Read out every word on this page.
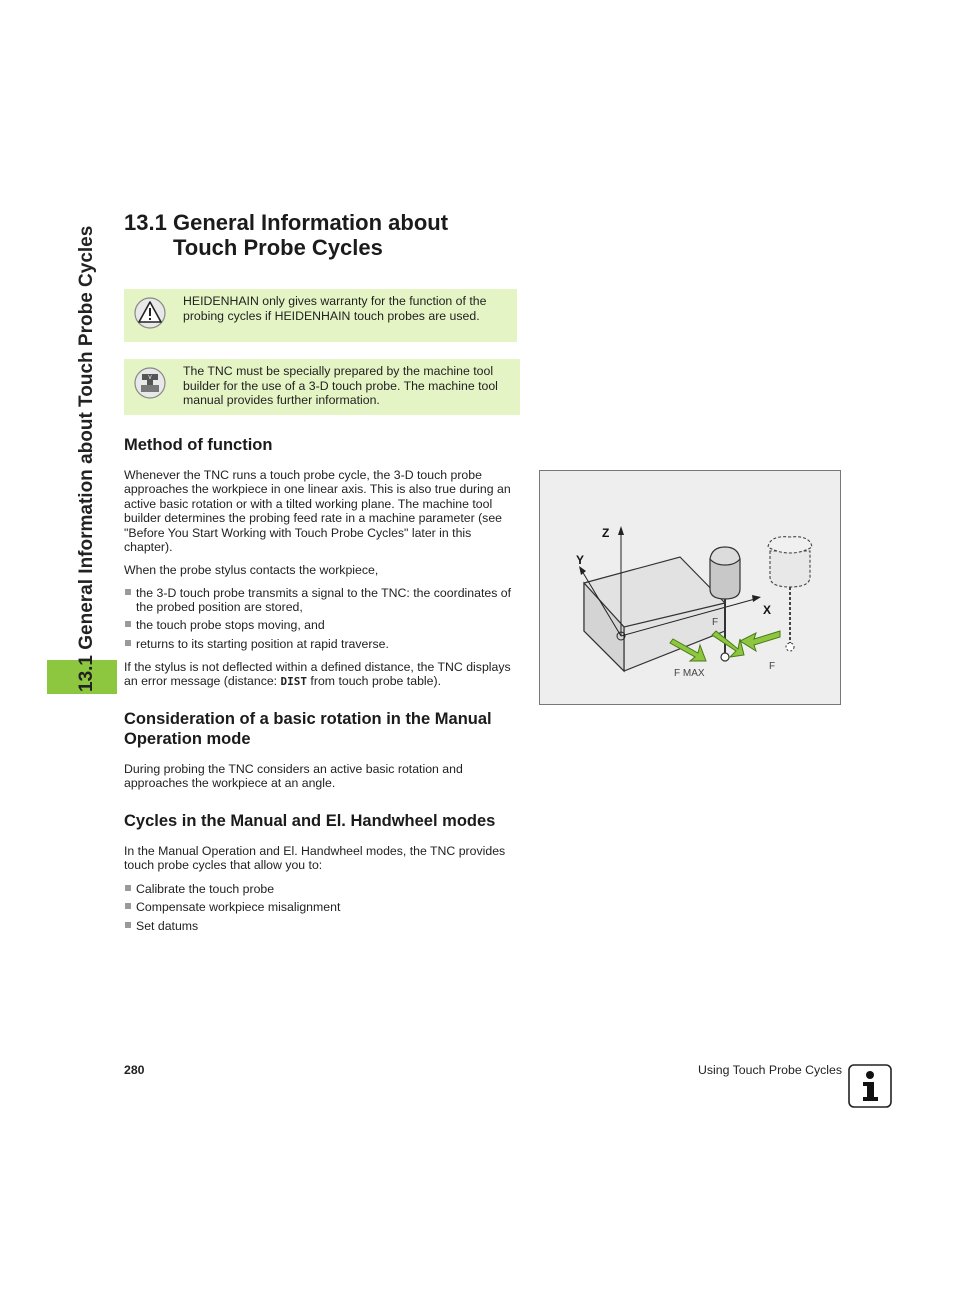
13.1 General Information about Touch Probe Cycles
13.1 General Information about
Touch Probe Cycles
HEIDENHAIN only gives warranty for the function of the probing cycles if HEIDENHAIN touch probes are used.
V	The TNC must be specially prepared by the machine tool builder for the use of a 3-D touch probe. The machine tool manual provides further information.
Method of function
Whenever the TNC runs a touch probe cycle, the 3-D touch probe approaches the workpiece in one linear axis. This is also true during an active basic rotation or with a tilted working plane. The machine tool builder determines the probing feed rate in a machine parameter (see "Before You Start Working with Touch Probe Cycles" later in this chapter).
When the probe stylus contacts the workpiece,
the 3-D touch probe transmits a signal to the TNC: the coordinates of the probed position are stored,
the touch probe stops moving, and
returns to its starting position at rapid traverse.
If the stylus is not deflected within a defined distance, the TNC displays an error message (distance: DIST from touch probe table).
Consideration of a basic rotation in the Manual Operation mode
During probing the TNC considers an active basic rotation and approaches the workpiece at an angle.
Cycles in the Manual and El. Handwheel modes
In the Manual Operation and El. Handwheel modes, the TNC provides touch probe cycles that allow you to:
Calibrate the touch probe
Compensate workpiece misalignment
Set datums
Z
Y
X
F
F
F MAX
280	Using Touch Probe Cycles
